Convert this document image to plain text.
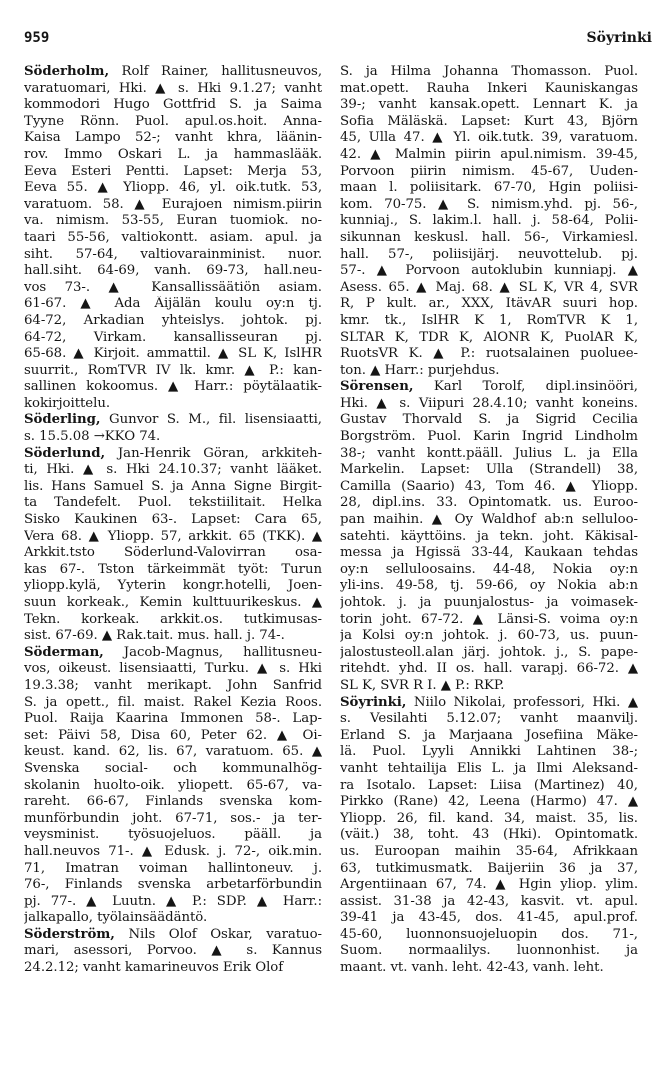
959	Söyrinki

Söderholm, Rolf Rainer, hallitusneuvos,
varatuomari, Hki. ▲ s. Hki 9.1.27; vanht
kommodori Hugo Gottfrid S. ja Saima
Tyyne Rönn. Puol. apul.os.hoit. Anna-
Kaisa Lampo 52-; vanht khra, läänin-
rov. Immo Oskari L. ja hammaslääk.
Eeva Esteri Pentti. Lapset: Merja 53,
Eeva 55. ▲ Yliopp. 46, yl. oik.tutk. 53,
varatuom. 58. ▲ Eurajoen nimism.piirin
va. nimism. 53-55, Euran tuomiok. no-
taari 55-56, valtiokontt. asiam. apul. ja
siht. 57-64, valtiovarainminist. nuor.
hall.siht. 64-69, vanh. 69-73, hall.neu-
vos 73-. ▲ Kansallissäätiön asiam.
61-67. ▲ Ada Äijälän koulu oy:n tj.
64-72, Arkadian yhteislys. johtok. pj.
64-72, Virkam. kansallisseuran pj.
65-68. ▲ Kirjoit. ammattil. ▲ SL K, IslHR
suurrit., RomTVR IV lk. kmr. ▲ P.: kan-
sallinen kokoomus. ▲ Harr.: pöytälaatik-
kokirjoittelu.

Söderling, Gunvor S. M., fil. lisensiaatti,
s. 15.5.08 →KKO 74.

Söderlund, Jan-Henrik Göran, arkkiteh-
ti, Hki. ▲ s. Hki 24.10.37; vanht lääket.
lis. Hans Samuel S. ja Anna Signe Birgit-
ta Tandefelt. Puol. tekstiilitait. Helka
Sisko Kaukinen 63-. Lapset: Cara 65,
Vera 68. ▲ Yliopp. 57, arkkit. 65 (TKK). ▲
Arkkit.tsto Söderlund-Valovirran osa-
kas 67-. Tston tärkeimmät työt: Turun
yliopp.kylä, Yyterin kongr.hotelli, Joen-
suun korkeak., Kemin kulttuurikeskus. ▲
Tekn. korkeak. arkkit.os. tutkimusas-
sist. 67-69. ▲ Rak.tait. mus. hall. j. 74-.

Söderman, Jacob-Magnus, hallitusneu-
vos, oikeust. lisensiaatti, Turku. ▲ s. Hki
19.3.38; vanht merikapt. John Sanfrid
S. ja opett., fil. maist. Rakel Kezia Roos.
Puol. Raija Kaarina Immonen 58-. Lap-
set: Päivi 58, Disa 60, Peter 62. ▲ Oi-
keust. kand. 62, lis. 67, varatuom. 65. ▲
Svenska social- och kommunalhög-
skolanin huolto-oik. yliopett. 65-67, va-
rareht. 66-67, Finlands svenska kom-
munförbundin joht. 67-71, sos.- ja ter-
veysminist. työsuojeluos. pääll. ja
hall.neuvos 71-. ▲ Edusk. j. 72-, oik.min.
71, Imatran voiman hallintoneuv. j.
76-, Finlands svenska arbetarförbundin
pj. 77-. ▲ Luutn. ▲ P.: SDP. ▲ Harr.:
jalkapallo, työlainsäädäntö.

Söderström, Nils Olof Oskar, varatuo-
mari, asessori, Porvoo. ▲ s. Kannus
24.2.12; vanht kamarineuvos Erik Olof

S. ja Hilma Johanna Thomasson. Puol.
mat.opett. Rauha Inkeri Kauniskangas
39-; vanht kansak.opett. Lennart K. ja
Sofia Mäläskä. Lapset: Kurt 43, Björn
45, Ulla 47. ▲ Yl. oik.tutk. 39, varatuom.
42. ▲ Malmin piirin apul.nimism. 39-45,
Porvoon piirin nimism. 45-67, Uuden-
maan l. poliisitark. 67-70, Hgin poliisi-
kom. 70-75. ▲ S. nimism.yhd. pj. 56-,
kunniaj., S. lakim.l. hall. j. 58-64, Polii-
sikunnan keskusl. hall. 56-, Virkamiesl.
hall. 57-, poliisijärj. neuvottelub. pj.
57-. ▲ Porvoon autoklubin kunniapj. ▲
Asess. 65. ▲ Maj. 68. ▲ SL K, VR 4, SVR
R, P kult. ar., XXX, ItävAR suuri hop.
kmr. tk., IslHR K 1, RomTVR K 1,
SLTAR K, TDR K, AlONR K, PuolAR K,
RuotsVR K. ▲ P.: ruotsalainen puoluee-
ton. ▲ Harr.: purjehdus.

Sörensen, Karl Torolf, dipl.insinööri,
Hki. ▲ s. Viipuri 28.4.10; vanht koneins.
Gustav Thorvald S. ja Sigrid Cecilia
Borgström. Puol. Karin Ingrid Lindholm
38-; vanht kontt.pääll. Julius L. ja Ella
Markelin. Lapset: Ulla (Strandell) 38,
Camilla (Saario) 43, Tom 46. ▲ Yliopp.
28, dipl.ins. 33. Opintomatk. us. Euroo-
pan maihin. ▲ Oy Waldhof ab:n selluloo-
satehti. käyttöins. ja tekn. joht. Käkisal-
messa ja Hgissä 33-44, Kaukaan tehdas
oy:n selluloosains. 44-48, Nokia oy:n
yli-ins. 49-58, tj. 59-66, oy Nokia ab:n
johtok. j. ja puunjalostus- ja voimasek-
torin joht. 67-72. ▲ Länsi-S. voima oy:n
ja Kolsi oy:n johtok. j. 60-73, us. puun-
jalostusteoll.alan järj. johtok. j., S. pape-
ritehdt. yhd. II os. hall. varapj. 66-72. ▲
SL K, SVR R I. ▲ P.: RKP.

Söyrinki, Niilo Nikolai, professori, Hki. ▲
s. Vesilahti 5.12.07; vanht maanvilj.
Erland S. ja Marjaana Josefiina Mäke-
lä. Puol. Lyyli Annikki Lahtinen 38-;
vanht tehtailija Elis L. ja Ilmi Aleksand-
ra Isotalo. Lapset: Liisa (Martinez) 40,
Pirkko (Rane) 42, Leena (Harmo) 47. ▲
Yliopp. 26, fil. kand. 34, maist. 35, lis.
(väit.) 38, toht. 43 (Hki). Opintomatk.
us. Euroopan maihin 35-64, Afrikkaan
63, tutkimusmatk. Baijeriin 36 ja 37,
Argentiinaan 67, 74. ▲ Hgin yliop. ylim.
assist. 31-38 ja 42-43, kasvit. vt. apul.
39-41 ja 43-45, dos. 41-45, apul.prof.
45-60, luonnonsuojeluopin dos. 71-,
Suom. normaalilys. luonnonhist. ja
maant. vt. vanh. leht. 42-43, vanh. leht.
